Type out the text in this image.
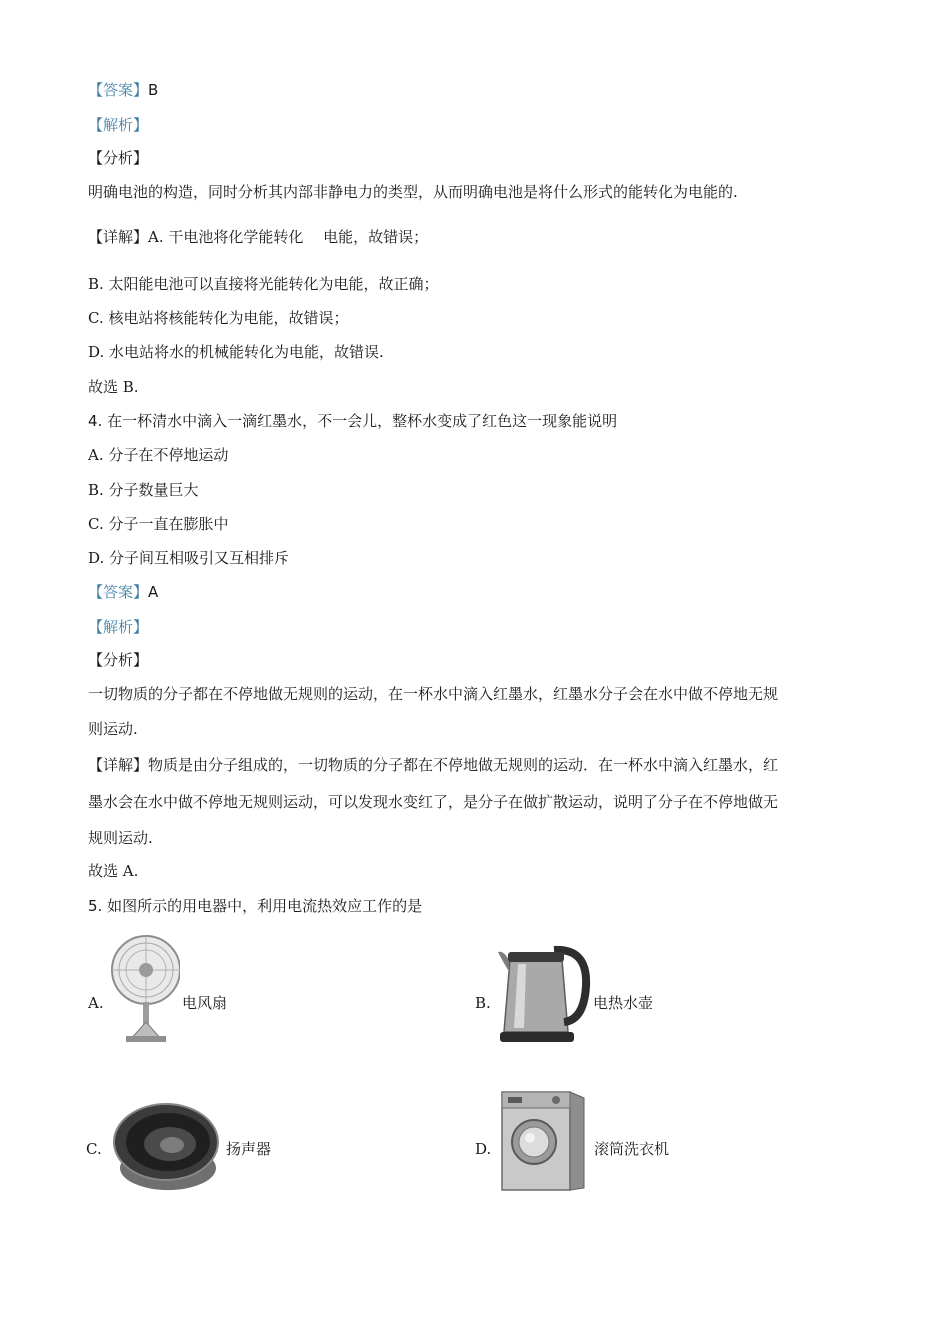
【答案】B
【解析】
【分析】
明确电池的构造，同时分析其内部非静电力的类型，从而明确电池是将什么形式的能转化为电能的.
【详解】A. 干电池将化学能转化 　电能，故错误；
B. 太阳能电池可以直接将光能转化为电能，故正确；
C. 核电站将核能转化为电能，故错误；
D. 水电站将水的机械能转化为电能，故错误.
故选 B.
4. 在一杯清水中滴入一滴红墨水，不一会儿，整杯水变成了红色这一现象能说明
A. 分子在不停地运动
B. 分子数量巨大
C. 分子一直在膨胀中
D. 分子间互相吸引又互相排斥
【答案】A
【解析】
【分析】
一切物质的分子都在不停地做无规则的运动，在一杯水中滴入红墨水，红墨水分子会在水中做不停地无规
则运动.
【详解】物质是由分子组成的，一切物质的分子都在不停地做无规则的运动．在一杯水中滴入红墨水，红
墨水会在水中做不停地无规则运动，可以发现水变红了，是分子在做扩散运动，说明了分子在不停地做无
规则运动.
故选 A.
5. 如图所示的用电器中，利用电流热效应工作的是
A.	电风扇	B.	电热水壶
C.	扬声器	D.	滚筒洗衣机
